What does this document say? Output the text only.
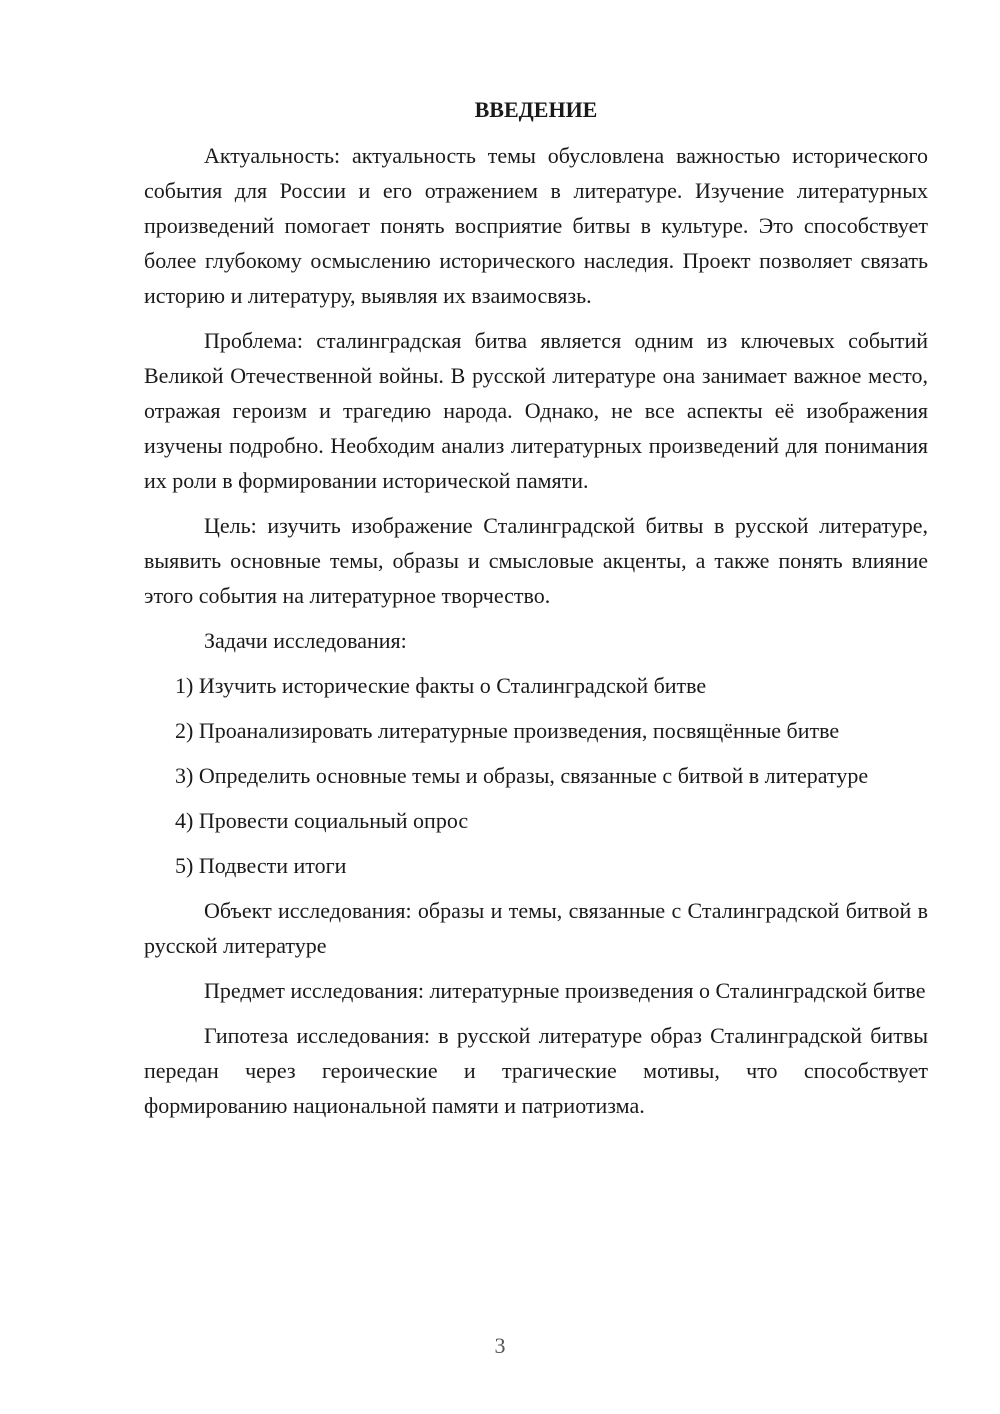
ВВЕДЕНИЕ

Актуальность: актуальность темы обусловлена важностью исторического события для России и его отражением в литературе. Изучение литературных произведений помогает понять восприятие битвы в культуре. Это способствует более глубокому осмыслению исторического наследия. Проект позволяет связать историю и литературу, выявляя их взаимосвязь.

Проблема: сталинградская битва является одним из ключевых событий Великой Отечественной войны. В русской литературе она занимает важное место, отражая героизм и трагедию народа. Однако, не все аспекты её изображения изучены подробно. Необходим анализ литературных произведений для понимания их роли в формировании исторической памяти.

Цель: изучить изображение Сталинградской битвы в русской литературе, выявить основные темы, образы и смысловые акценты, а также понять влияние этого события на литературное творчество.

Задачи исследования:

1) Изучить исторические факты о Сталинградской битве

2) Проанализировать литературные произведения, посвящённые битве

3) Определить основные темы и образы, связанные с битвой в литературе

4) Провести социальный опрос

5) Подвести итоги

Объект исследования: образы и темы, связанные с Сталинградской битвой в русской литературе

Предмет исследования: литературные произведения о Сталинградской битве

Гипотеза исследования: в русской литературе образ Сталинградской битвы передан через героические и трагические мотивы, что способствует формированию национальной памяти и патриотизма.

3
